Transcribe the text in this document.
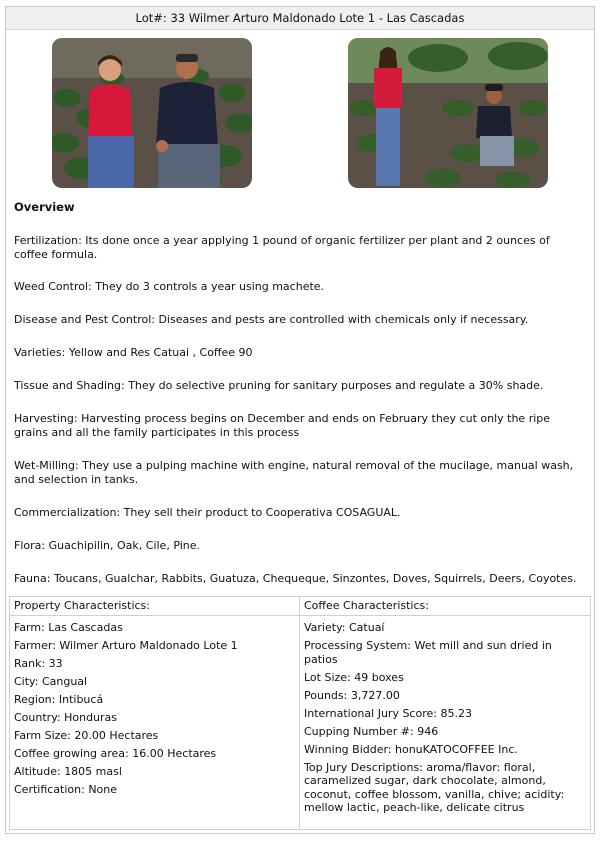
Lot#: 33 Wilmer Arturo Maldonado Lote 1 - Las Cascadas
Overview
Fertilization: Its done once a year applying 1 pound of organic fertilizer per plant and 2 ounces of coffee formula.
Weed Control: They do 3 controls a year using machete.
Disease and Pest Control: Diseases and pests are controlled with chemicals only if necessary.
Varieties: Yellow and Res Catuai , Coffee 90
Tissue and Shading: They do selective pruning for sanitary purposes and regulate a 30% shade.
Harvesting: Harvesting process begins on December and ends on February they cut only the ripe grains and all the family participates in this process
Wet-Milling: They use a pulping machine with engine, natural removal of the mucilage, manual wash, and selection in tanks.
Commercialization: They sell their product to Cooperativa COSAGUAL.
Flora: Guachipilin, Oak, Cile, Pine.
Fauna: Toucans, Gualchar, Rabbits, Guatuza, Chequeque, Sinzontes, Doves, Squirrels, Deers, Coyotes.
Property Characteristics:
Farm: Las Cascadas
Farmer: Wilmer Arturo Maldonado Lote 1
Rank: 33
City: Cangual
Region: Intibucá
Country: Honduras
Farm Size: 20.00 Hectares
Coffee growing area: 16.00 Hectares
Altitude: 1805 masl
Certification: None
Coffee Characteristics:
Variety: Catuaí
Processing System: Wet mill and sun dried in patios
Lot Size: 49 boxes
Pounds: 3,727.00
International Jury Score: 85.23
Cupping Number #: 946
Winning Bidder: honuKATOCOFFEE Inc.
Top Jury Descriptions: aroma/flavor: floral, caramelized sugar, dark chocolate, almond, coconut, coffee blossom, vanilla, chive; acidity: mellow lactic, peach-like, delicate citrus
